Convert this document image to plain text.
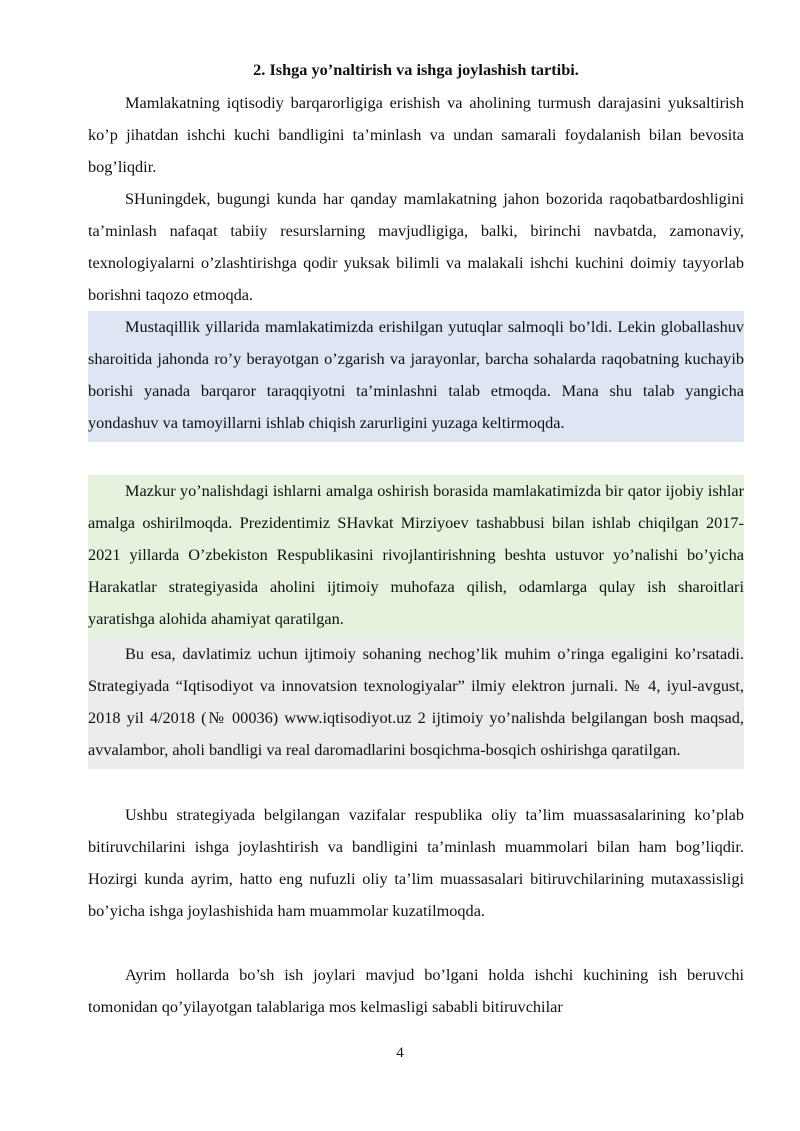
2. Ishga yo’naltirish va ishga joylashish tartibi.

Mamlakatning iqtisodiy barqarorligiga erishish va aholining turmush darajasini yuksaltirish ko’p jihatdan ishchi kuchi bandligini ta’minlash va undan samarali foydalanish bilan bevosita bog’liqdir.

SHuningdek, bugungi kunda har qanday mamlakatning jahon bozorida raqobatbardoshligini ta’minlash nafaqat tabiiy resurslarning mavjudligiga, balki, birinchi navbatda, zamonaviy, texnologiyalarni o’zlashtirishga qodir yuksak bilimli va malakali ishchi kuchini doimiy tayyorlab borishni taqozo etmoqda.

Mustaqillik yillarida mamlakatimizda erishilgan yutuqlar salmoqli bo’ldi. Lekin globallashuv sharoitida jahonda ro’y berayotgan o’zgarish va jarayonlar, barcha sohalarda raqobatning kuchayib borishi yanada barqaror taraqqiyotni ta’minlashni talab etmoqda. Mana shu talab yangicha yondashuv va tamoyillarni ishlab chiqish zarurligini yuzaga keltirmoqda.

Mazkur yo’nalishdagi ishlarni amalga oshirish borasida mamlakatimizda bir qator ijobiy ishlar amalga oshirilmoqda. Prezidentimiz SHavkat Mirziyoev tashabbusi bilan ishlab chiqilgan 2017-2021 yillarda O’zbekiston Respublikasini rivojlantirishning beshta ustuvor yo’nalishi bo’yicha Harakatlar strategiyasida aholini ijtimoiy muhofaza qilish, odamlarga qulay ish sharoitlari yaratishga alohida ahamiyat qaratilgan.

Bu esa, davlatimiz uchun ijtimoiy sohaning nechog’lik muhim o’ringa egaligini ko’rsatadi. Strategiyada “Iqtisodiyot va innovatsion texnologiyalar” ilmiy elektron jurnali. № 4, iyul-avgust, 2018 yil 4/2018 (№ 00036) www.iqtisodiyot.uz 2 ijtimoiy yo’nalishda belgilangan bosh maqsad, avvalambor, aholi bandligi va real daromadlarini bosqichma-bosqich oshirishga qaratilgan.

Ushbu strategiyada belgilangan vazifalar respublika oliy ta’lim muassasalarining ko’plab bitiruvchilarini ishga joylashtirish va bandligini ta’minlash muammolari bilan ham bog’liqdir. Hozirgi kunda ayrim, hatto eng nufuzli oliy ta’lim muassasalari bitiruvchilarining mutaxassisligi bo’yicha ishga joylashishida ham muammolar kuzatilmoqda.

Ayrim hollarda bo’sh ish joylari mavjud bo’lgani holda ishchi kuchining ish beruvchi tomonidan qo’yilayotgan talablariga mos kelmasligi sababli bitiruvchilar

4
